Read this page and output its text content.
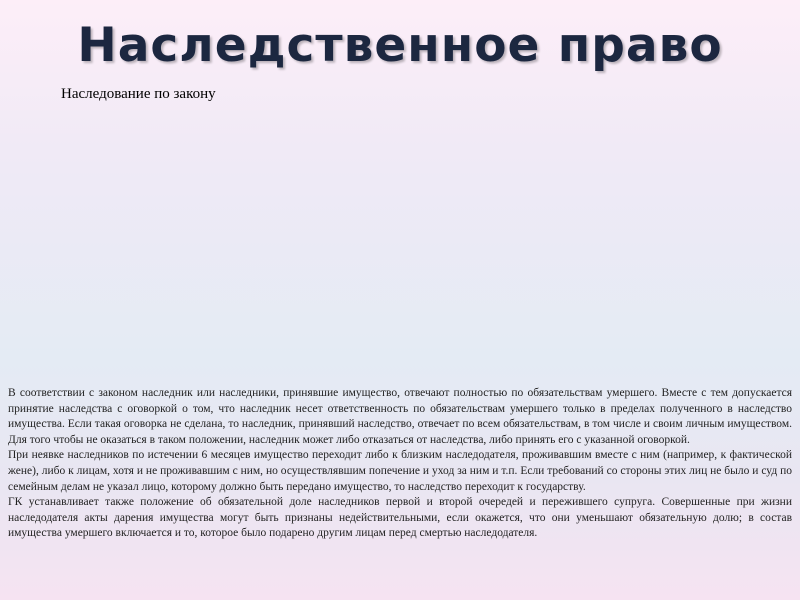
Наследственное право
Наследование по закону

В соответствии с законом наследник или наследники, принявшие имущество, отвечают полностью по обязательствам умершего. Вместе с тем допускается принятие наследства с оговоркой о том, что наследник несет ответственность по обязательствам умершего только в пределах полученного в наследство имущества. Если такая оговорка не сделана, то наследник, принявший наследство, отвечает по всем обязательствам, в том числе и своим личным имуществом. Для того чтобы не оказаться в таком положении, наследник может либо отказаться от наследства, либо принять его с указанной оговоркой.

При неявке наследников по истечении 6 месяцев имущество переходит либо к близким наследодателя, проживавшим вместе с ним (например, к фактической жене), либо к лицам, хотя и не проживавшим с ним, но осуществлявшим попечение и уход за ним и т.п. Если требований со стороны этих лиц не было и суд по семейным делам не указал лицо, которому должно быть передано имущество, то наследство переходит к государству.

ГК устанавливает также положение об обязательной доле наследников первой и второй очередей и пережившего супруга. Совершенные при жизни наследодателя акты дарения имущества могут быть признаны недействительными, если окажется, что они уменьшают обязательную долю; в состав имущества умершего включается и то, которое было подарено другим лицам перед смертью наследодателя.
